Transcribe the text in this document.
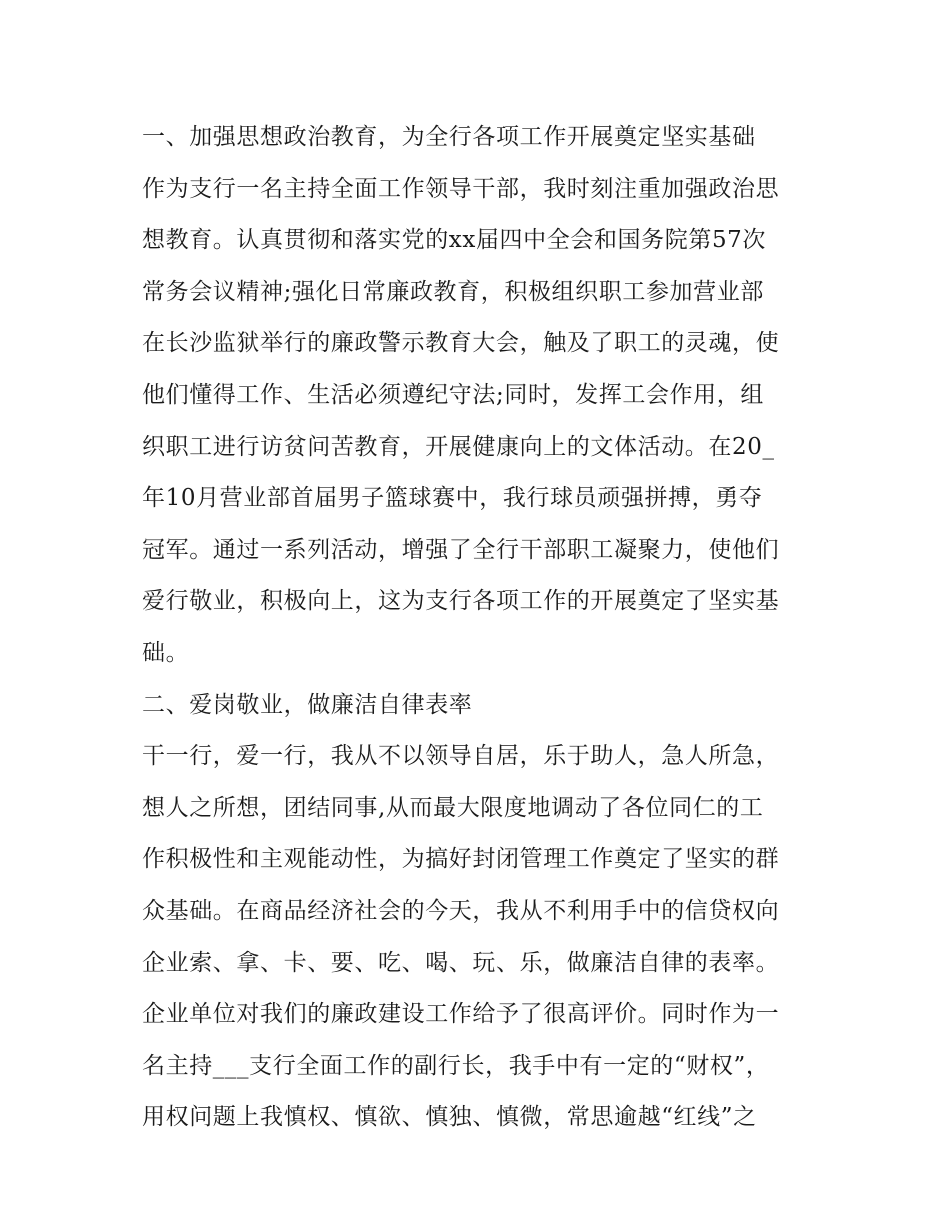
一、加强思想政治教育，为全行各项工作开展奠定坚实基础
作为支行一名主持全面工作领导干部，我时刻注重加强政治思
想教育。认真贯彻和落实党的xx届四中全会和国务院第57次
常务会议精神;强化日常廉政教育，积极组织职工参加营业部
在长沙监狱举行的廉政警示教育大会，触及了职工的灵魂，使
他们懂得工作、生活必须遵纪守法;同时，发挥工会作用，组
织职工进行访贫问苦教育，开展健康向上的文体活动。在20_
年10月营业部首届男子篮球赛中，我行球员顽强拼搏，勇夺
冠军。通过一系列活动，增强了全行干部职工凝聚力，使他们
爱行敬业，积极向上，这为支行各项工作的开展奠定了坚实基
础。
二、爱岗敬业，做廉洁自律表率
干一行，爱一行，我从不以领导自居，乐于助人，急人所急，
想人之所想，团结同事,从而最大限度地调动了各位同仁的工
作积极性和主观能动性，为搞好封闭管理工作奠定了坚实的群
众基础。在商品经济社会的今天，我从不利用手中的信贷权向
企业索、拿、卡、要、吃、喝、玩、乐，做廉洁自律的表率。
企业单位对我们的廉政建设工作给予了很高评价。同时作为一
名主持___支行全面工作的副行长，我手中有一定的“财权”，
用权问题上我慎权、慎欲、慎独、慎微，常思逾越“红线”之
